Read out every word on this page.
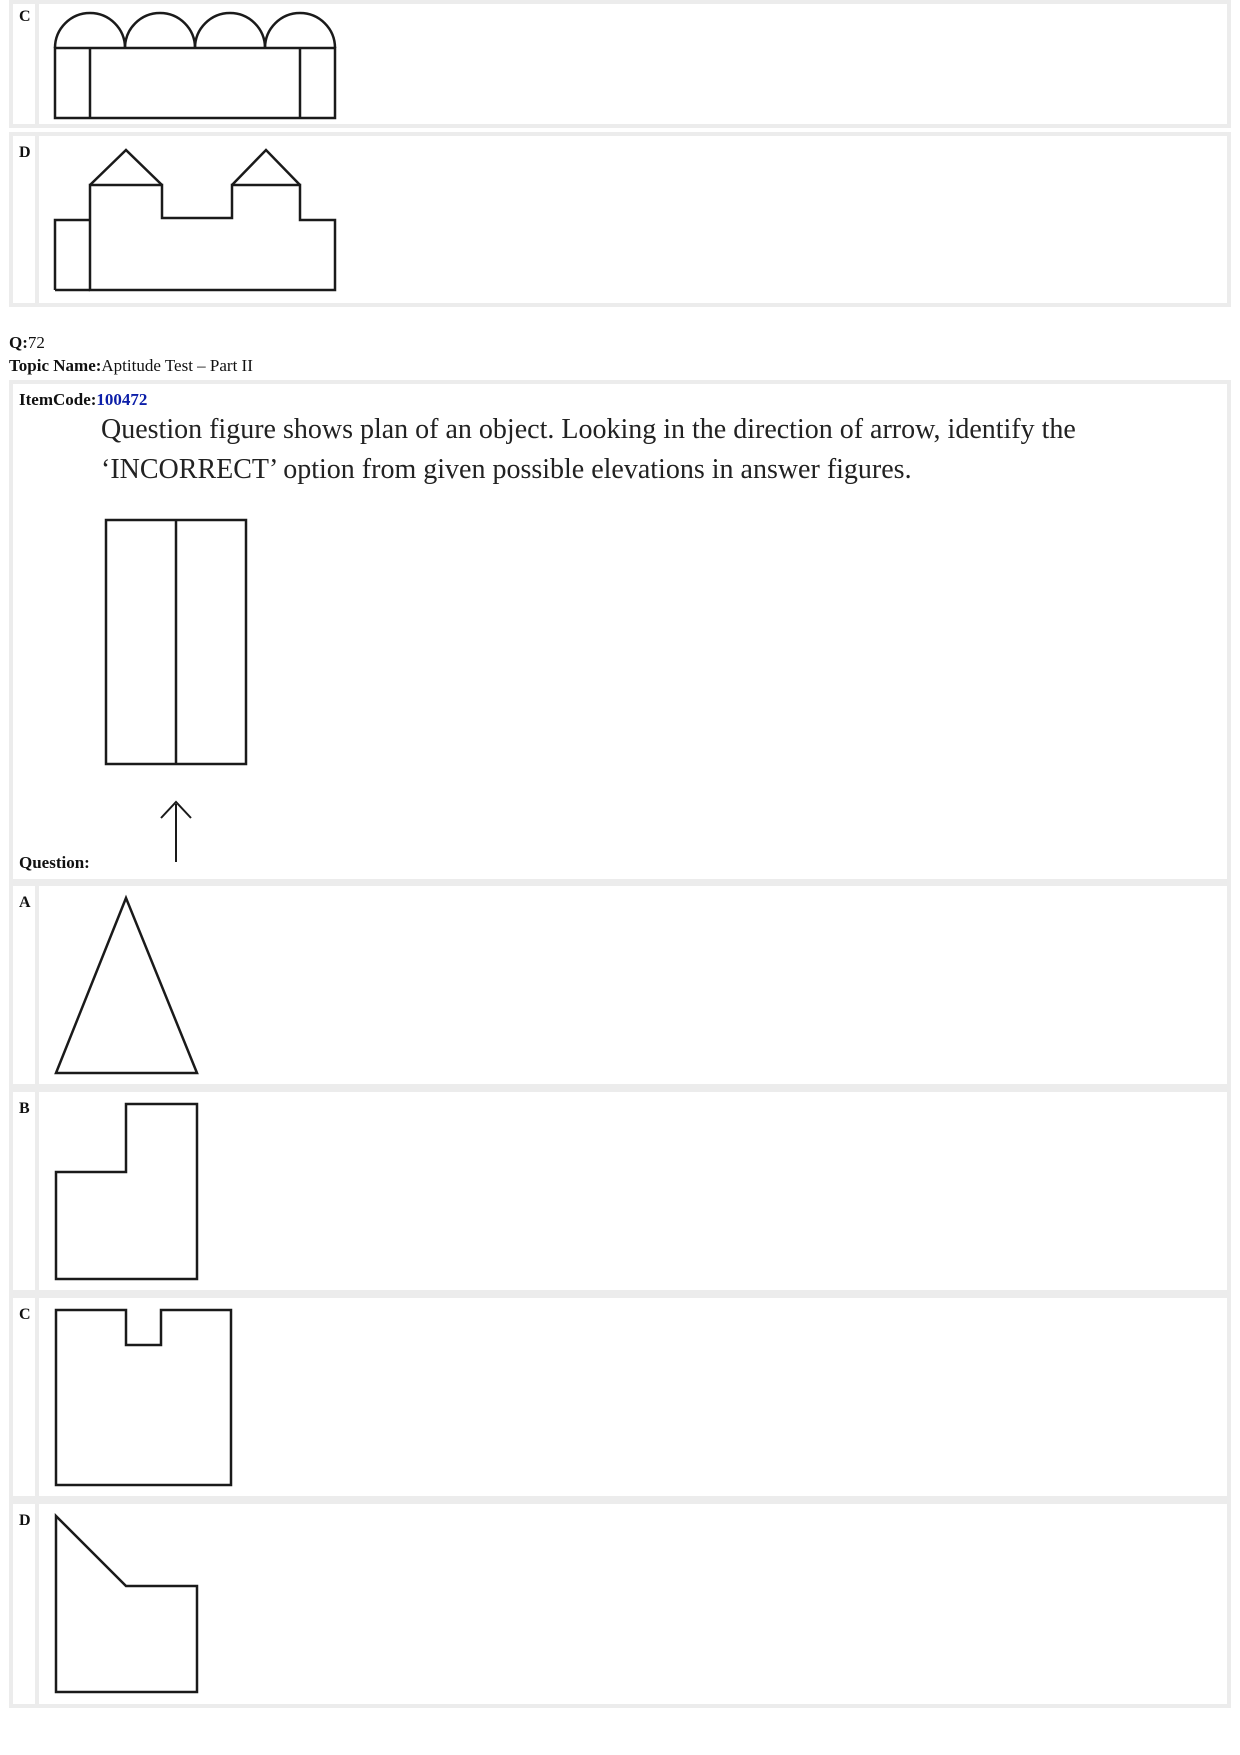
C
D
Q:72
Topic Name:Aptitude Test – Part II
ItemCode:100472
Question figure shows plan of an object. Looking in the direction of arrow, identify the
‘INCORRECT’ option from given possible elevations in answer figures.
Question:
A
B
C
D
